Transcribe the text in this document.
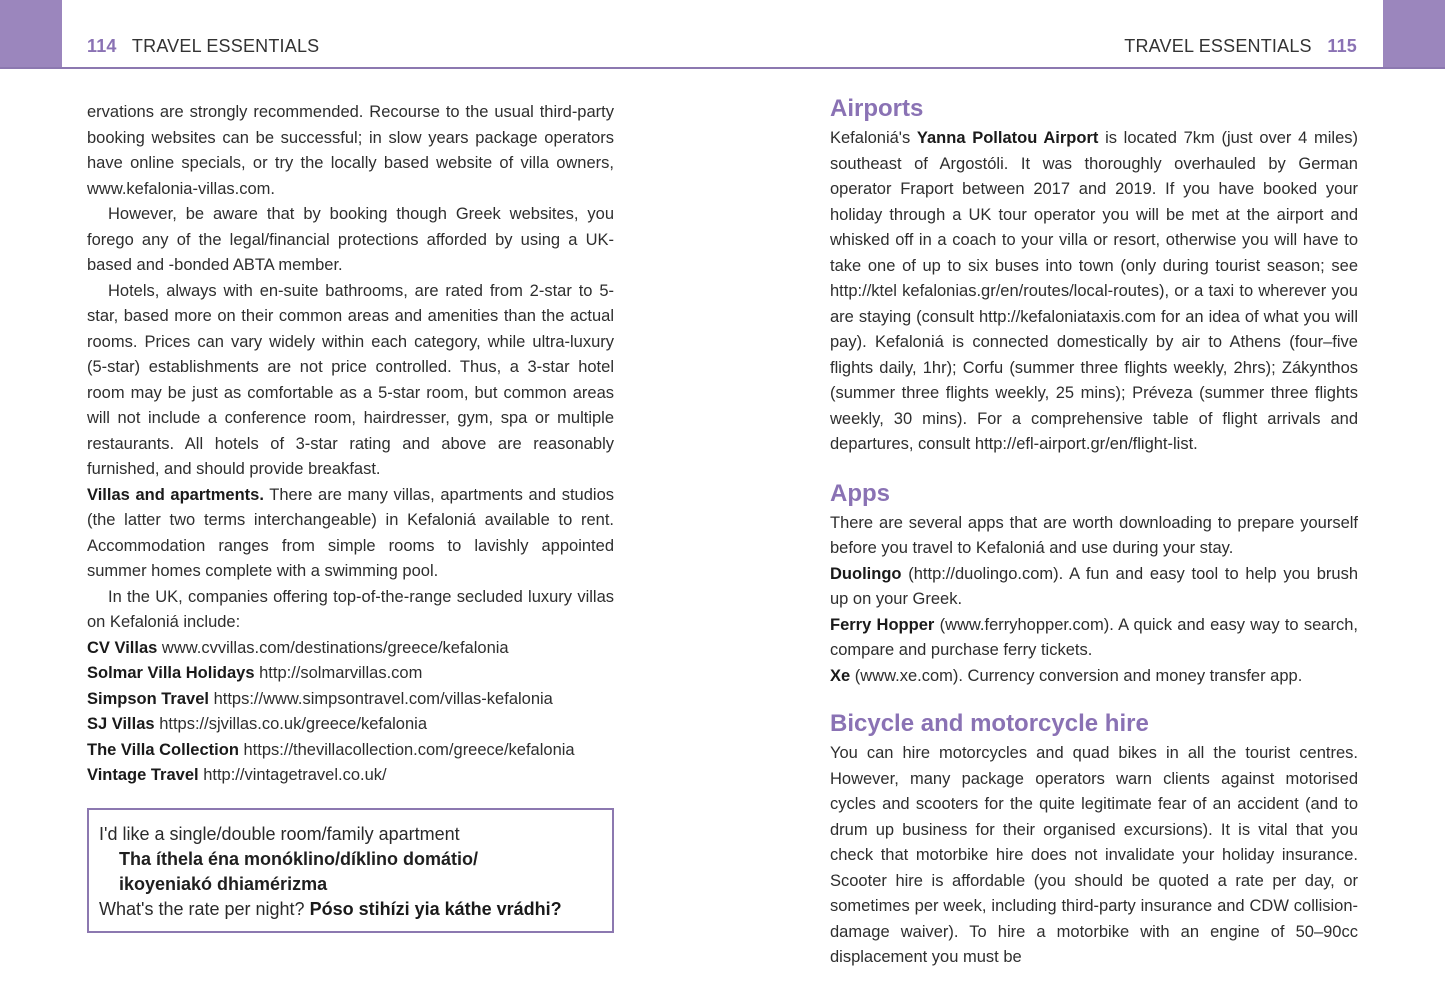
114 TRAVEL ESSENTIALS	TRAVEL ESSENTIALS 115

ervations are strongly recommended. Recourse to the usual third-party booking websites can be successful; in slow years package operators have online specials, or try the locally based website of villa owners, www.kefalonia-villas.com.

However, be aware that by booking though Greek websites, you forego any of the legal/financial protections afforded by using a UK-based and -bonded ABTA member.

Hotels, always with en-suite bathrooms, are rated from 2-star to 5-star, based more on their common areas and amenities than the actual rooms. Prices can vary widely within each category, while ultra-luxury (5-star) establishments are not price controlled. Thus, a 3-star hotel room may be just as comfortable as a 5-star room, but common areas will not include a conference room, hairdresser, gym, spa or multiple restaurants. All hotels of 3-star rating and above are reasonably furnished, and should provide breakfast.

Villas and apartments. There are many villas, apartments and studios (the latter two terms interchangeable) in Kefaloniá available to rent. Accommodation ranges from simple rooms to lavishly appointed summer homes complete with a swimming pool.

In the UK, companies offering top-of-the-range secluded luxury villas on Kefaloniá include:

CV Villas www.cvvillas.com/destinations/greece/kefalonia
Solmar Villa Holidays http://solmarvillas.com
Simpson Travel https://www.simpsontravel.com/villas-kefalonia
SJ Villas https://sjvillas.co.uk/greece/kefalonia
The Villa Collection https://thevillacollection.com/greece/kefalonia
Vintage Travel http://vintagetravel.co.uk/
I'd like a single/double room/family apartment
Tha íthela éna monóklino/díklino domátio/
ikoyeniakó dhiamérizma
What's the rate per night? Póso stihízi yia káthe vrádhi?
Airports

Kefaloniá's Yanna Pollatou Airport is located 7km (just over 4 miles) southeast of Argostóli. It was thoroughly overhauled by German operator Fraport between 2017 and 2019. If you have booked your holiday through a UK tour operator you will be met at the airport and whisked off in a coach to your villa or resort, otherwise you will have to take one of up to six buses into town (only during tourist season; see http://ktel kefalonias.gr/en/routes/local-routes), or a taxi to wherever you are staying (consult http://kefaloniataxis.com for an idea of what you will pay). Kefaloniá is connected domestically by air to Athens (four–five flights daily, 1hr); Corfu (summer three flights weekly, 2hrs); Zákynthos (summer three flights weekly, 25 mins); Préveza (summer three flights weekly, 30 mins). For a comprehensive table of flight arrivals and departures, consult http://efl-airport.gr/en/flight-list.

Apps

There are several apps that are worth downloading to prepare yourself before you travel to Kefaloniá and use during your stay.

Duolingo (http://duolingo.com). A fun and easy tool to help you brush up on your Greek.

Ferry Hopper (www.ferryhopper.com). A quick and easy way to search, compare and purchase ferry tickets.

Xe (www.xe.com). Currency conversion and money transfer app.

Bicycle and motorcycle hire

You can hire motorcycles and quad bikes in all the tourist centres. However, many package operators warn clients against motorised cycles and scooters for the quite legitimate fear of an accident (and to drum up business for their organised excursions). It is vital that you check that motorbike hire does not invalidate your holiday insurance. Scooter hire is affordable (you should be quoted a rate per day, or sometimes per week, including third-party insurance and CDW collision-damage waiver). To hire a motorbike with an engine of 50–90cc displacement you must be
